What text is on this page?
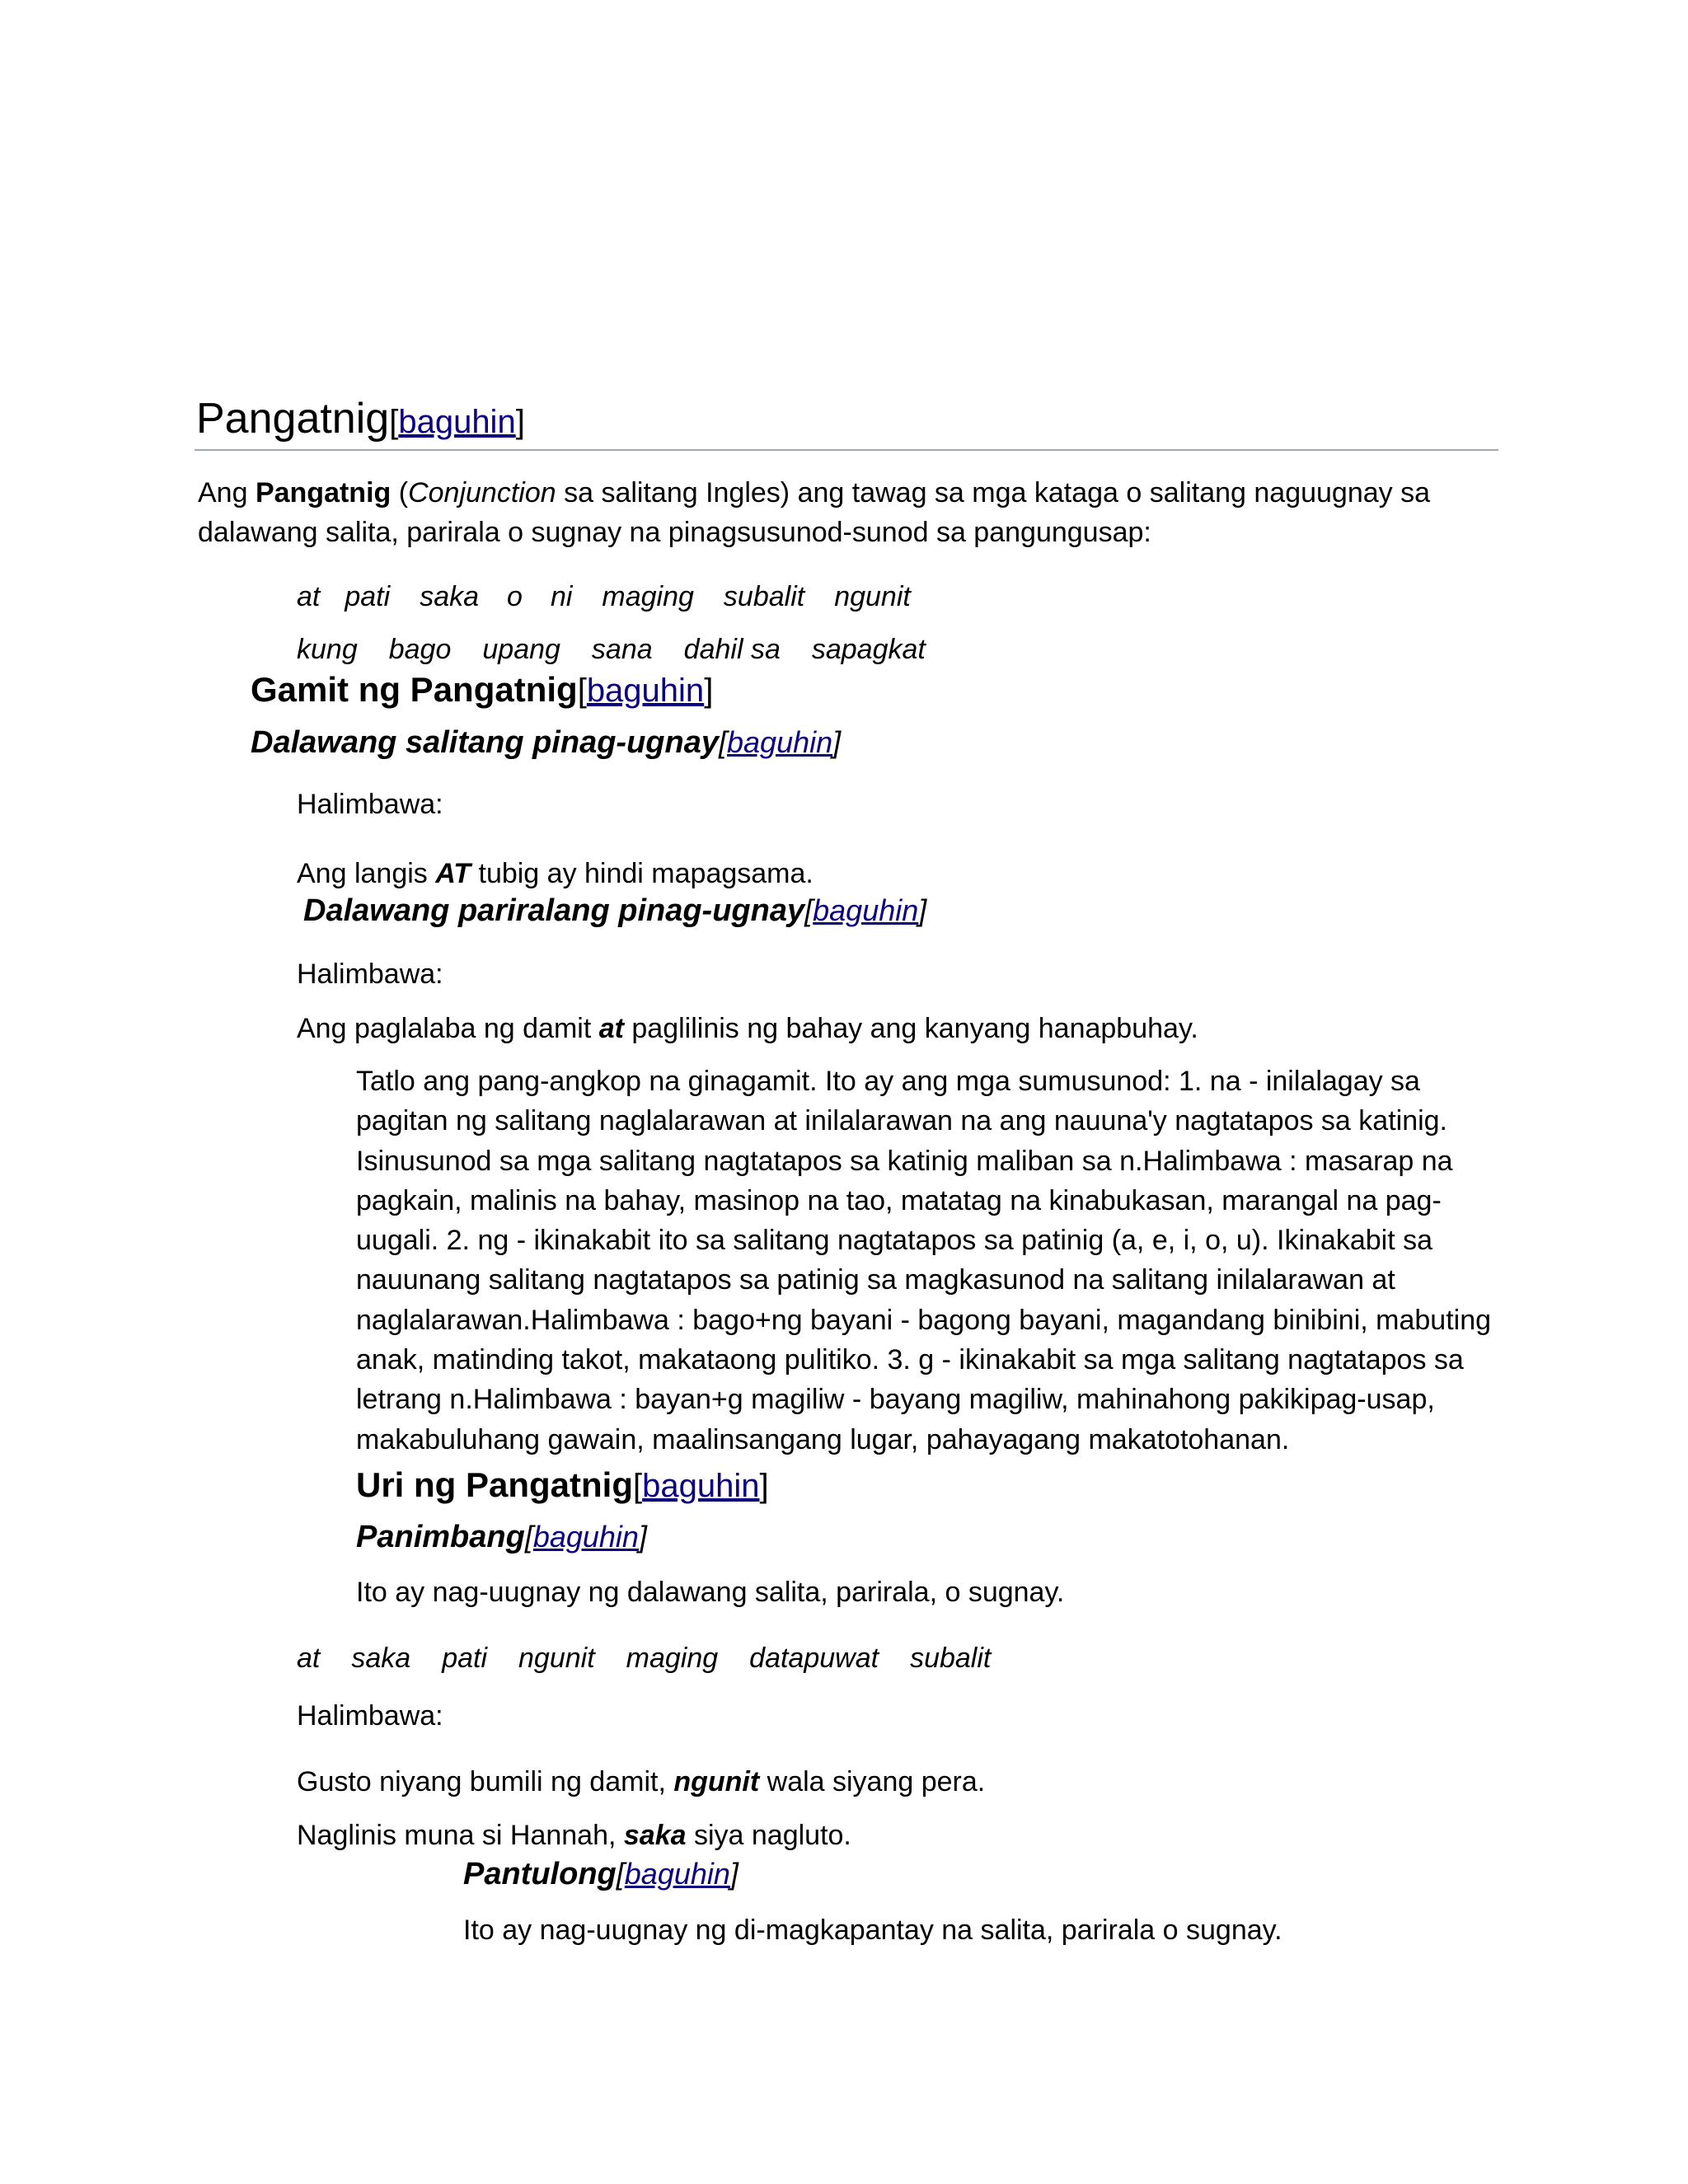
Pangatnig[baguhin]
Ang Pangatnig (Conjunction sa salitang Ingles) ang tawag sa mga kataga o salitang naguugnay sa
dalawang salita, parirala o sugnay na pinagsusunod-sunod sa pangungusap:
at pati saka o ni maging subalit ngunit
kung bago upang sana dahil sa sapagkat
Gamit ng Pangatnig[baguhin]
Dalawang salitang pinag-ugnay[baguhin]
Halimbawa:
Ang langis AT tubig ay hindi mapagsama.
Dalawang pariralang pinag-ugnay[baguhin]
Halimbawa:
Ang paglalaba ng damit at paglilinis ng bahay ang kanyang hanapbuhay.
Tatlo ang pang-angkop na ginagamit. Ito ay ang mga sumusunod: 1. na - inilalagay sa
pagitan ng salitang naglalarawan at inilalarawan na ang nauuna'y nagtatapos sa katinig.
Isinusunod sa mga salitang nagtatapos sa katinig maliban sa n.Halimbawa : masarap na
pagkain, malinis na bahay, masinop na tao, matatag na kinabukasan, marangal na pag-
uugali. 2. ng - ikinakabit ito sa salitang nagtatapos sa patinig (a, e, i, o, u). Ikinakabit sa
nauunang salitang nagtatapos sa patinig sa magkasunod na salitang inilalarawan at
naglalarawan.Halimbawa : bago+ng bayani - bagong bayani, magandang binibini, mabuting
anak, matinding takot, makataong pulitiko. 3. g - ikinakabit sa mga salitang nagtatapos sa
letrang n.Halimbawa : bayan+g magiliw - bayang magiliw, mahinahong pakikipag-usap,
makabuluhang gawain, maalinsangang lugar, pahayagang makatotohanan.
Uri ng Pangatnig[baguhin]
Panimbang[baguhin]
Ito ay nag-uugnay ng dalawang salita, parirala, o sugnay.
at saka pati ngunit maging datapuwat subalit
Halimbawa:
Gusto niyang bumili ng damit, ngunit wala siyang pera.
Naglinis muna si Hannah, saka siya nagluto.
Pantulong[baguhin]
Ito ay nag-uugnay ng di-magkapantay na salita, parirala o sugnay.
